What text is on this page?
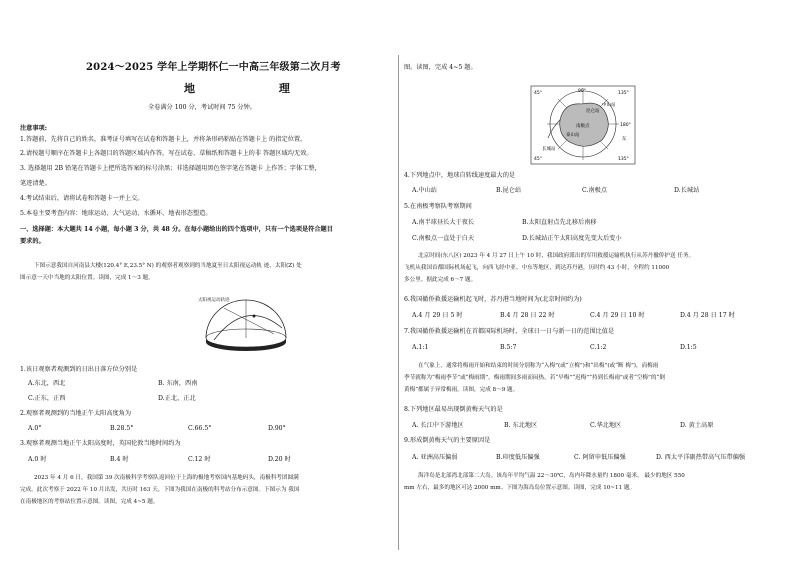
2024～2025 学年上学期怀仁一中高三年级第二次月考
地 理
全卷满分 100 分，考试时间 75 分钟。
注意事项:
1.答题前，先将自己的姓名，准考证号填写在试卷和答题卡上，并将条形码粘贴在答题卡上 的指定位置。
2.请按题号顺序在答题卡上各题目的答题区域内作答，写在试卷、草稿纸和答题卡上的非 答题区域均无效。
3. 选择题用 2B 铅笔在答题卡上把所选答案的标号涂黑；非选择题用黑色签字笔在答题卡 上作答；字体工整，
笔迹清楚。
4.考试结束后，请将试卷和答题卡一并上交。
5.本卷主要考查内容：地球运动、大气运动、水循环、地表形态塑造。
一、选择题：本大题共 14 小题，每小题 3 分，共 48 分。在每小题给出的四个选项中，只有一个选项是符合题目
要求的。
下图示意我国自河南县大楼(120.4° E,23.5° N) 的观察者观察到的当地夏至日太阳视运动轨 迹，太阳(Z) 处
图示意一天中当地的太阳位置。读图，完成 1～3 题。
太阳视运动轨迹
1.该日观察者观测到的日出日落方位分别是
A.东北，西北	B. 东南，西南
C.正东，正西	D.正北，正北
2.观察者观测到的当地正午太阳高度角为
A.0°	B.28.5°	C.66.5°	D.90°
3.观察者观测当地正午太阳高度时，英国伦敦当地时间约为
A.0 时	B.4 时	C.12 时	D.20 时
2023 年 4 月 6 日，我国第 39 次南极科学考察队返回位于上海的极地考察国内基地码头，南极科考团圆满
完成。此次考察于 2022 年 10 月出发，共历时 163 天。下图为我国在南极的科考站分布示意图。下图示为 我国
在南极地区的考察站位置示意图。读图，完成 4~5 题。
图。读图，完成 4~5 题。
45°	90°	135°
180°
45°	135°
南极点
昆仑站
泰山站
长城站
中山站
东
4.下列地点中，地球自转线速度最大的是
A.中山站	B.昆仑站	C.南极点	D.长城站
5.在南极考察队考察期间
A.南半球昼长大于夜长	B.太阳直射点先北移后南移
C.南极点一直处于白天	D.长城站正午太阳高度先变大后变小
北京时间(东八区) 2023 年 4 月 27 日上午 10 时，我国政府派出的军用救援运输机执行从苏丹撤侨护送 任务。
飞机从我国首都国际机场起飞，向西飞经中亚、中东等地区，到达苏丹港，历时约 43 小时，全程约 11000
多公里。据此完成 6～7 题。
6.我国撤侨救援运输机起飞时，苏丹港当地时间为(北京时间约为)
A.4 月 29 日 5 时	B.4 月 28 日 22 时	C.4 月 29 日 10 时	D.4 月 28 日 17 时
7.我国撤侨救援运输机在首都国际机场时，全球日一日与新一日的范围比值是
A.1:1	B.5:7	C.1:2	D.1:5
在气象上，通常将梅雨开始和结束的时间分别称为“入梅”(或“立梅”)和“出梅”(或“断 梅”)，而梅雨
季节就称为“梅雨季节”或“梅雨期”。梅雨期间多雨而闷热，若“早梅”“迟梅”“持到长梅雨”或者“空梅”的“倒
黄梅”都属于异常梅雨。读图，完成 8～9 题。
8.下列地区最易出现倒黄梅天气的是
A. 长江中下游地区	B. 东北地区	C.华北地区	D. 黄土高原
9.形成倒黄梅天气的主要原因是
A. 亚洲高压偏弱	B.印度低压偏强	C. 阿留申低压偏强	D. 西太平洋副热带高气压带偏强
海洋岛是北部湾北部第二大岛。该岛年平均气温 22～30℃，岛内年降水量约 1800 毫米。 最少的地区 550
mm 左右，最多的地区可达 2000 mm。下图为海岛岛位置示意图。读图，完成 10~11 题。
